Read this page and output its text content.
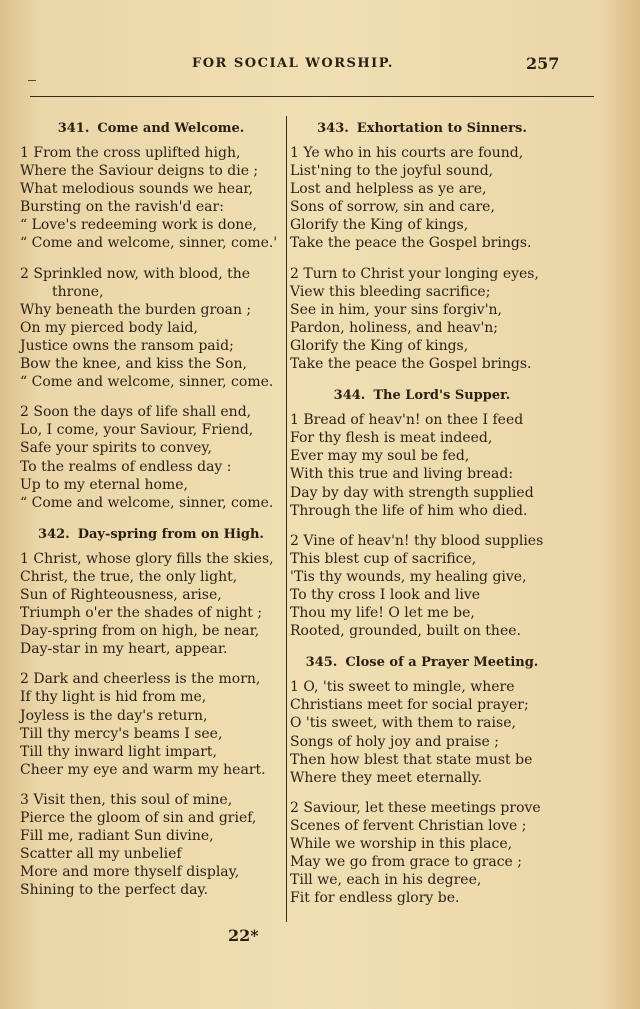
FOR SOCIAL WORSHIP.	257
341. Come and Welcome.
1 From the cross uplifted high,
Where the Saviour deigns to die ;
What melodious sounds we hear,
Bursting on the ravish'd ear:
“ Love's redeeming work is done,
“ Come and welcome, sinner, come.'
2 Sprinkled now, with blood, the
throne,
Why beneath the burden groan ;
On my pierced body laid,
Justice owns the ransom paid;
Bow the knee, and kiss the Son,
“ Come and welcome, sinner, come.
2 Soon the days of life shall end,
Lo, I come, your Saviour, Friend,
Safe your spirits to convey,
To the realms of endless day :
Up to my eternal home,
“ Come and welcome, sinner, come.
342. Day-spring from on High.
1 Christ, whose glory fills the skies,
Christ, the true, the only light,
Sun of Righteousness, arise,
Triumph o'er the shades of night ;
Day-spring from on high, be near,
Day-star in my heart, appear.
2 Dark and cheerless is the morn,
If thy light is hid from me,
Joyless is the day's return,
Till thy mercy's beams I see,
Till thy inward light impart,
Cheer my eye and warm my heart.
3 Visit then, this soul of mine,
Pierce the gloom of sin and grief,
Fill me, radiant Sun divine,
Scatter all my unbelief
More and more thyself display,
Shining to the perfect day.
343. Exhortation to Sinners.
1 Ye who in his courts are found,
List'ning to the joyful sound,
Lost and helpless as ye are,
Sons of sorrow, sin and care,
Glorify the King of kings,
Take the peace the Gospel brings.
2 Turn to Christ your longing eyes,
View this bleeding sacrifice;
See in him, your sins forgiv'n,
Pardon, holiness, and heav'n;
Glorify the King of kings,
Take the peace the Gospel brings.
344. The Lord's Supper.
1 Bread of heav'n! on thee I feed
For thy flesh is meat indeed,
Ever may my soul be fed,
With this true and living bread:
Day by day with strength supplied
Through the life of him who died.
2 Vine of heav'n! thy blood supplies
This blest cup of sacrifice,
'Tis thy wounds, my healing give,
To thy cross I look and live
Thou my life! O let me be,
Rooted, grounded, built on thee.
345. Close of a Prayer Meeting.
1 O, 'tis sweet to mingle, where
Christians meet for social prayer;
O 'tis sweet, with them to raise,
Songs of holy joy and praise ;
Then how blest that state must be
Where they meet eternally.
2 Saviour, let these meetings prove
Scenes of fervent Christian love ;
While we worship in this place,
May we go from grace to grace ;
Till we, each in his degree,
Fit for endless glory be.
22*
